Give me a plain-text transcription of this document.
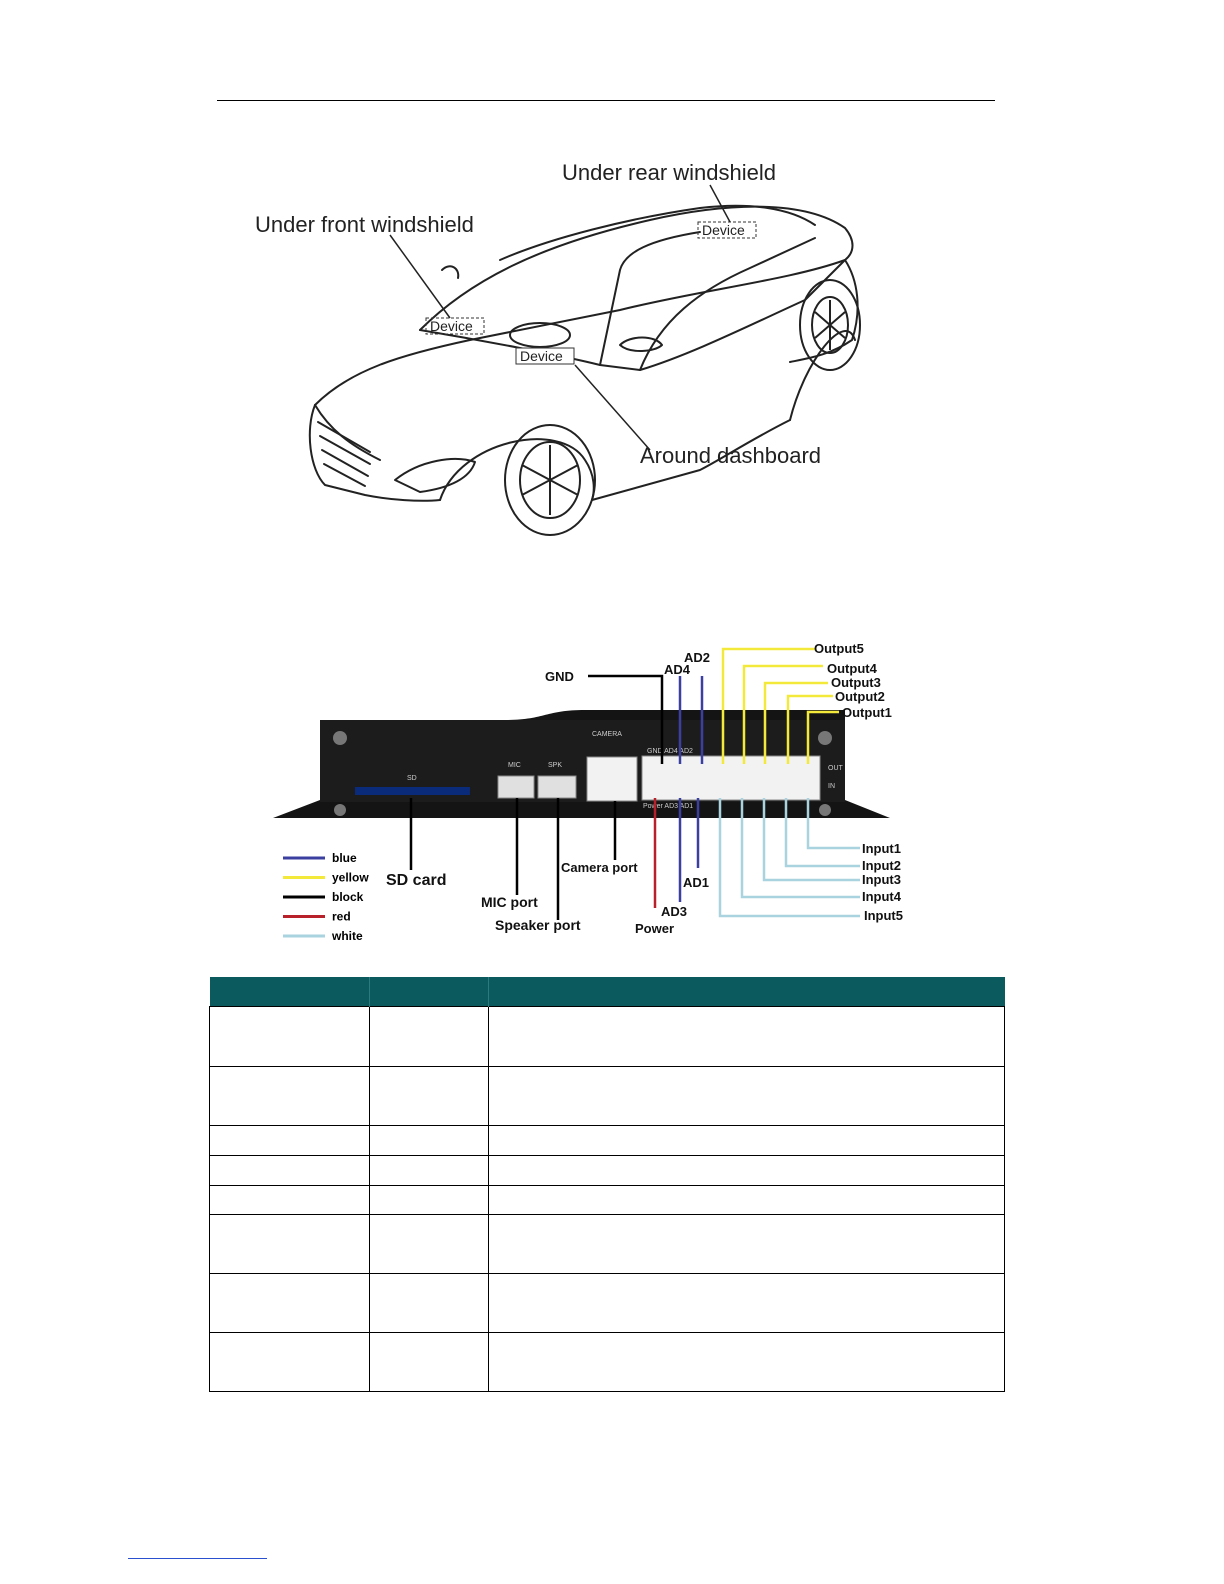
Device
Device
Device
Under rear windshield
Under front windshield
Around dashboard
SD
MIC	SPK
CAMERA
GND AD4 AD2
Power AD3 AD1
OUT
IN
GND	AD4
AD2
Output5
Output4
Output3
Output2
Output1
Input1
Input2
Input3
Input4
Input5
SD card
MIC port
Speaker port
Camera port
AD1
AD3
Power
blue
yellow
block
red
white
